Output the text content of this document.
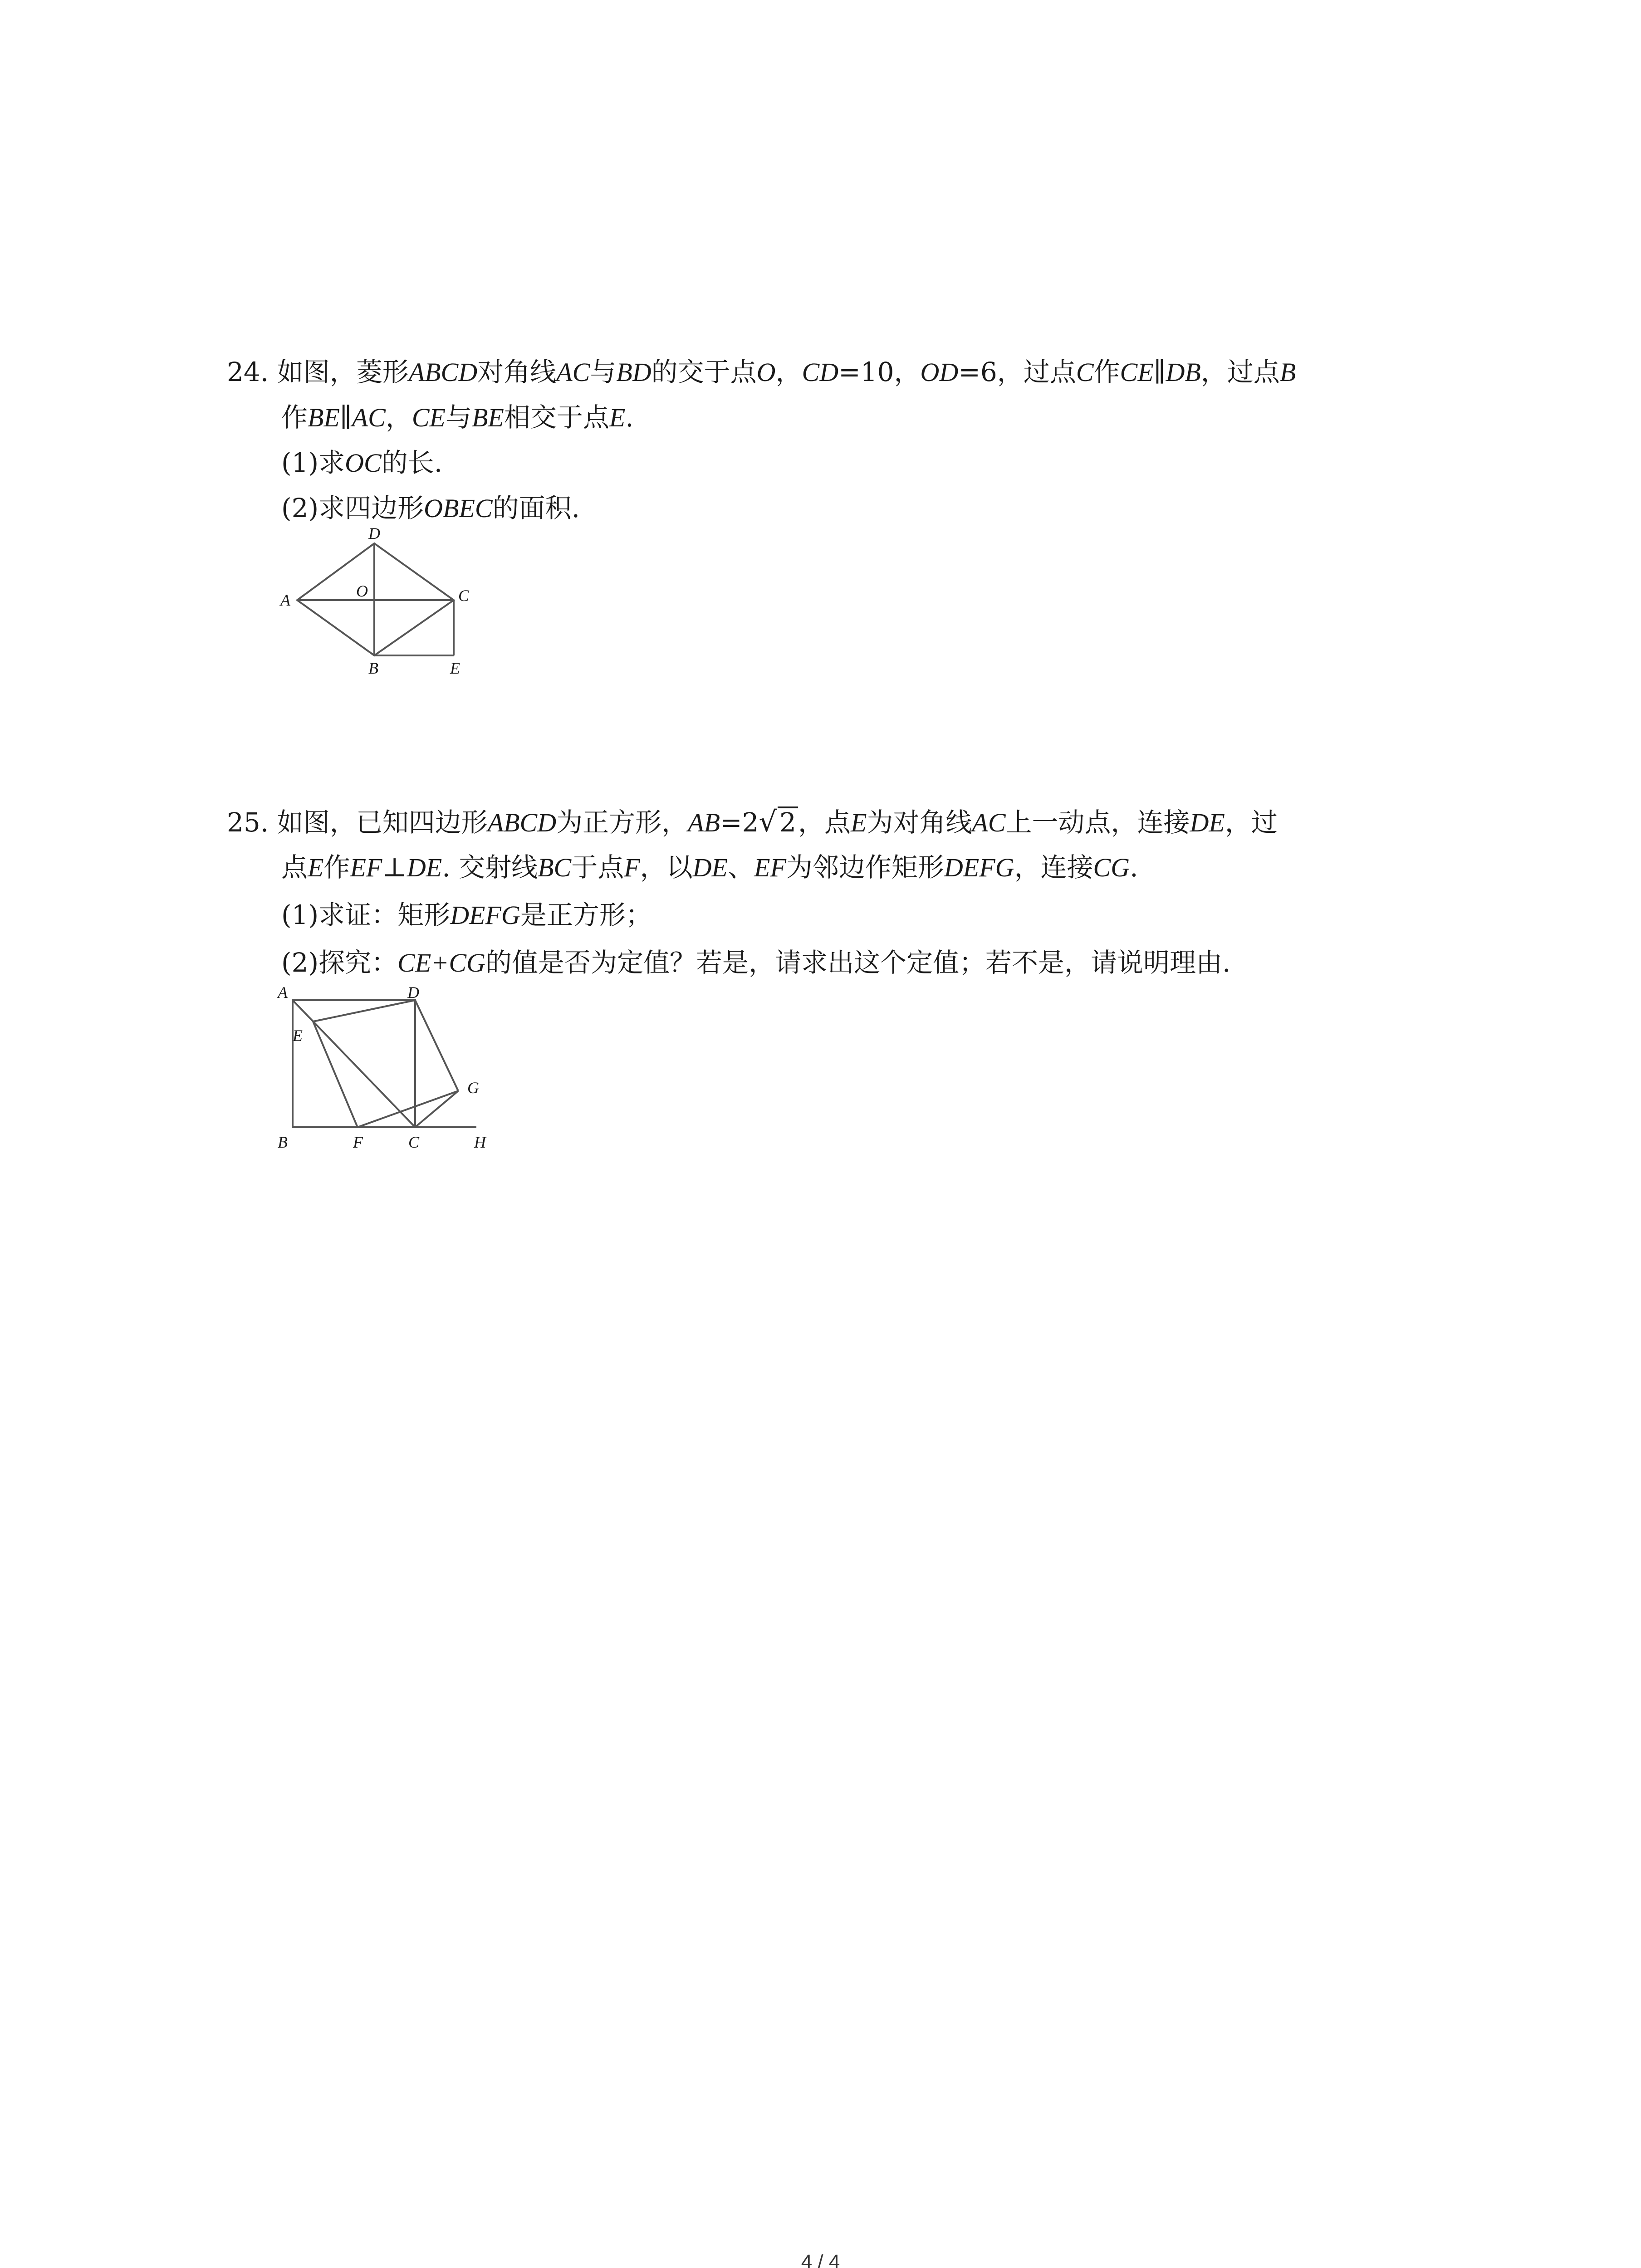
24. 如图，菱形ABCD对角线AC与BD的交于点O，CD=10，OD=6，过点C作CE∥DB，过点B
作BE∥AC，CE与BE相交于点E.
(1)求OC的长.
(2)求四边形OBEC的面积.
D
A	O	C
B	E
25. 如图，已知四边形ABCD为正方形，AB=2√ 2，点E为对角线AC上一动点，连接DE，过
点E作EF⊥DE. 交射线BC于点F，以DE、EF为邻边作矩形DEFG，连接CG.
(1)求证：矩形DEFG是正方形；
(2)探究：CE+CG的值是否为定值？若是，请求出这个定值；若不是，请说明理由.
A	D
E
G
B	F	C	H
4 / 4
